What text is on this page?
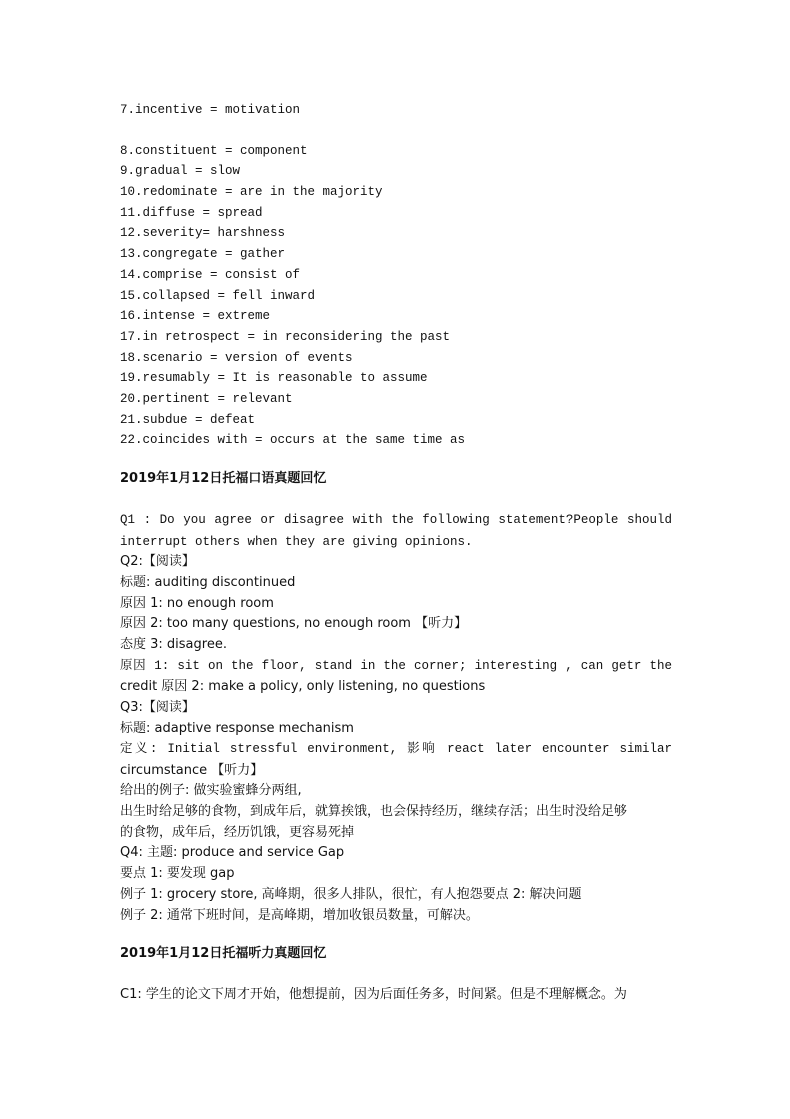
7.incentive = motivation
8.constituent = component
9.gradual = slow
10.redominate = are in the majority
11.diffuse = spread
12.severity= harshness
13.congregate = gather
14.comprise = consist of
15.collapsed = fell inward
16.intense = extreme
17.in retrospect = in reconsidering the past
18.scenario = version of events
19.resumably = It is reasonable to assume
20.pertinent = relevant
21.subdue = defeat
22.coincides with = occurs at the same time as
2019年1月12日托福口语真题回忆
Q1 : Do you agree or disagree with the following statement?People should
interrupt others when they are giving opinions.
Q2:【阅读】
标题: auditing discontinued
原因 1: no enough room
原因 2: too many questions, no enough room 【听力】
态度 3: disagree.
原因 1: sit on the floor, stand in the corner; interesting , can getr the
credit 原因 2: make a policy, only listening, no questions
Q3:【阅读】
标题: adaptive response mechanism
定义: Initial stressful environment, 影响 react later encounter similar
circumstance 【听力】
给出的例子: 做实验蜜蜂分两组,
出生时给足够的食物，到成年后，就算挨饿，也会保持经历，继续存活；出生时没给足够
的食物，成年后，经历饥饿，更容易死掉
Q4: 主题: produce and service Gap
要点 1: 要发现 gap
例子 1: grocery store, 高峰期，很多人排队，很忙，有人抱怨要点 2: 解决问题
例子 2: 通常下班时间，是高峰期，增加收银员数量，可解决。
2019年1月12日托福听力真题回忆
C1: 学生的论文下周才开始，他想提前，因为后面任务多，时间紧。但是不理解概念。为
